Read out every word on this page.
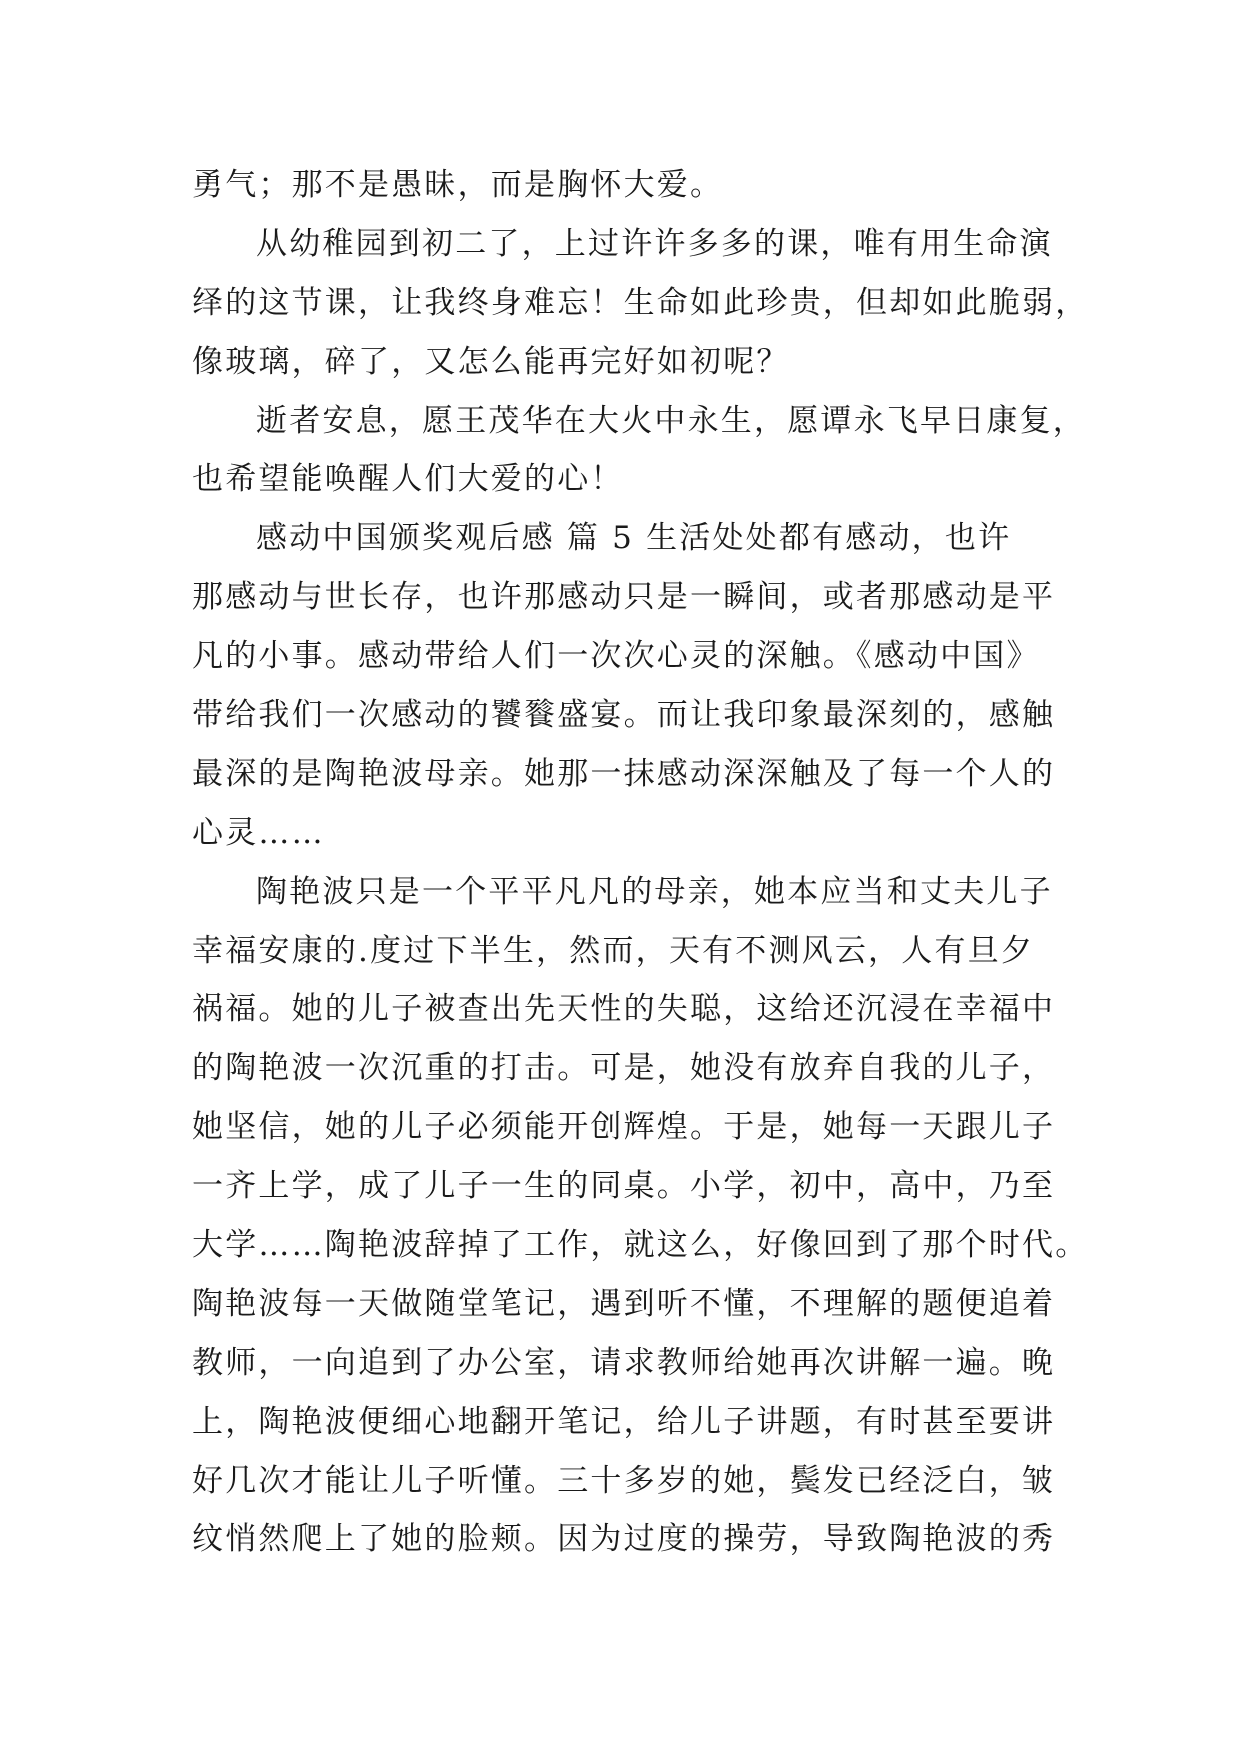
勇气；那不是愚昧，而是胸怀大爱。
从幼稚园到初二了，上过许许多多的课，唯有用生命演
绎的这节课，让我终身难忘！生命如此珍贵，但却如此脆弱，
像玻璃，碎了，又怎么能再完好如初呢？
逝者安息，愿王茂华在大火中永生，愿谭永飞早日康复，
也希望能唤醒人们大爱的心！
感动中国颁奖观后感 篇 5 生活处处都有感动，也许
那感动与世长存，也许那感动只是一瞬间，或者那感动是平
凡的小事。感动带给人们一次次心灵的深触。《感动中国》
带给我们一次感动的饕餮盛宴。而让我印象最深刻的，感触
最深的是陶艳波母亲。她那一抹感动深深触及了每一个人的
心灵……
陶艳波只是一个平平凡凡的母亲，她本应当和丈夫儿子
幸福安康的.度过下半生，然而，天有不测风云，人有旦夕
祸福。她的儿子被查出先天性的失聪，这给还沉浸在幸福中
的陶艳波一次沉重的打击。可是，她没有放弃自我的儿子，
她坚信，她的儿子必须能开创辉煌。于是，她每一天跟儿子
一齐上学，成了儿子一生的同桌。小学，初中，高中，乃至
大学……陶艳波辞掉了工作，就这么，好像回到了那个时代。
陶艳波每一天做随堂笔记，遇到听不懂，不理解的题便追着
教师，一向追到了办公室，请求教师给她再次讲解一遍。晚
上，陶艳波便细心地翻开笔记，给儿子讲题，有时甚至要讲
好几次才能让儿子听懂。三十多岁的她，鬓发已经泛白，皱
纹悄然爬上了她的脸颊。因为过度的操劳，导致陶艳波的秀
